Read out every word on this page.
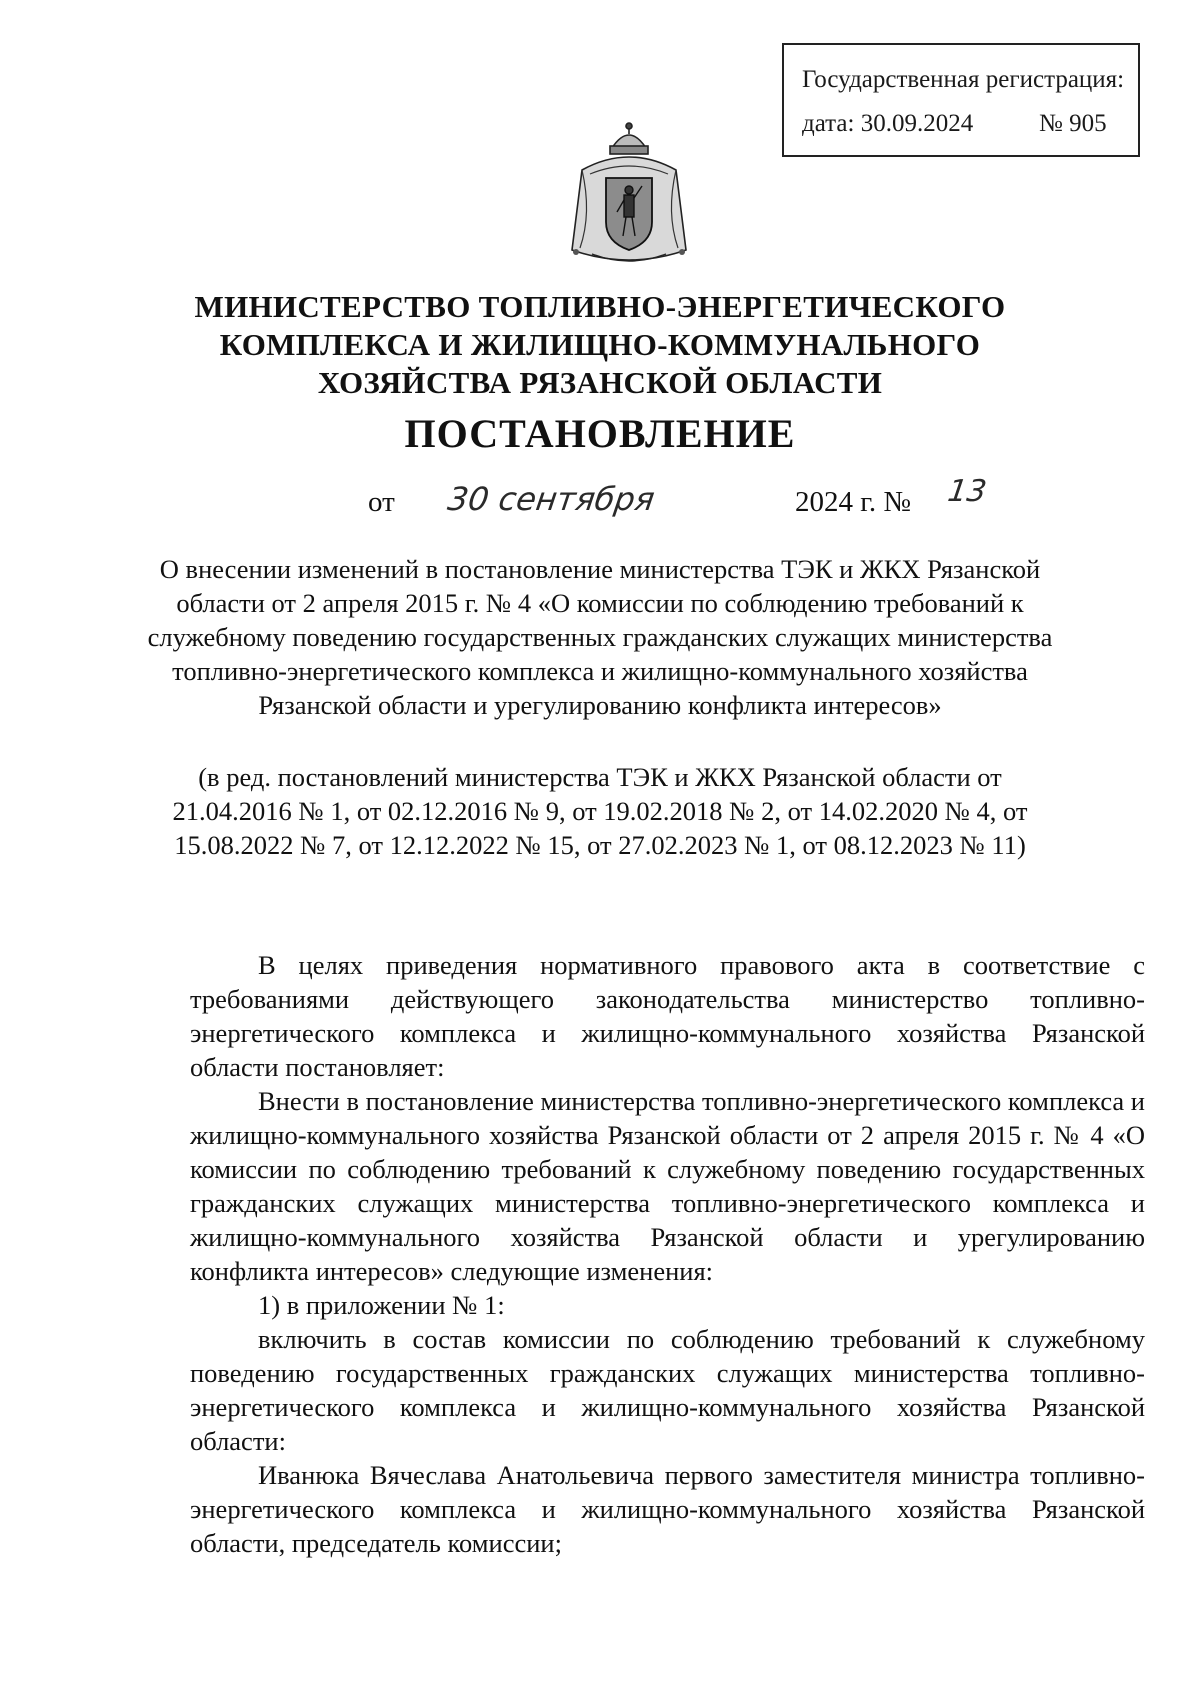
Государственная регистрация:
дата: 30.09.2024	№ 905
МИНИСТЕРСТВО ТОПЛИВНО-ЭНЕРГЕТИЧЕСКОГО КОМПЛЕКСА И ЖИЛИЩНО-КОММУНАЛЬНОГО ХОЗЯЙСТВА РЯЗАНСКОЙ ОБЛАСТИ
ПОСТАНОВЛЕНИЕ
от 30 сентября	2024 г. № 13
О внесении изменений в постановление министерства ТЭК и ЖКХ Рязанской области от 2 апреля 2015 г. № 4 «О комиссии по соблюдению требований к служебному поведению государственных гражданских служащих министерства топливно-энергетического комплекса и жилищно-коммунального хозяйства Рязанской области и урегулированию конфликта интересов»
(в ред. постановлений министерства ТЭК и ЖКХ Рязанской области от 21.04.2016 № 1, от 02.12.2016 № 9, от 19.02.2018 № 2, от 14.02.2020 № 4, от 15.08.2022 № 7, от 12.12.2022 № 15, от 27.02.2023 № 1, от 08.12.2023 № 11)

В целях приведения нормативного правового акта в соответствие с требованиями действующего законодательства министерство топливно-энергетического комплекса и жилищно-коммунального хозяйства Рязанской области постановляет:

Внести в постановление министерства топливно-энергетического комплекса и жилищно-коммунального хозяйства Рязанской области от 2 апреля 2015 г. № 4 «О комиссии по соблюдению требований к служебному поведению государственных гражданских служащих министерства топливно-энергетического комплекса и жилищно-коммунального хозяйства Рязанской области и урегулированию конфликта интересов» следующие изменения:

1) в приложении № 1:

включить в состав комиссии по соблюдению требований к служебному поведению государственных гражданских служащих министерства топливно-энергетического комплекса и жилищно-коммунального хозяйства Рязанской области:

Иванюка Вячеслава Анатольевича первого заместителя министра топливно-энергетического комплекса и жилищно-коммунального хозяйства Рязанской области, председатель комиссии;
